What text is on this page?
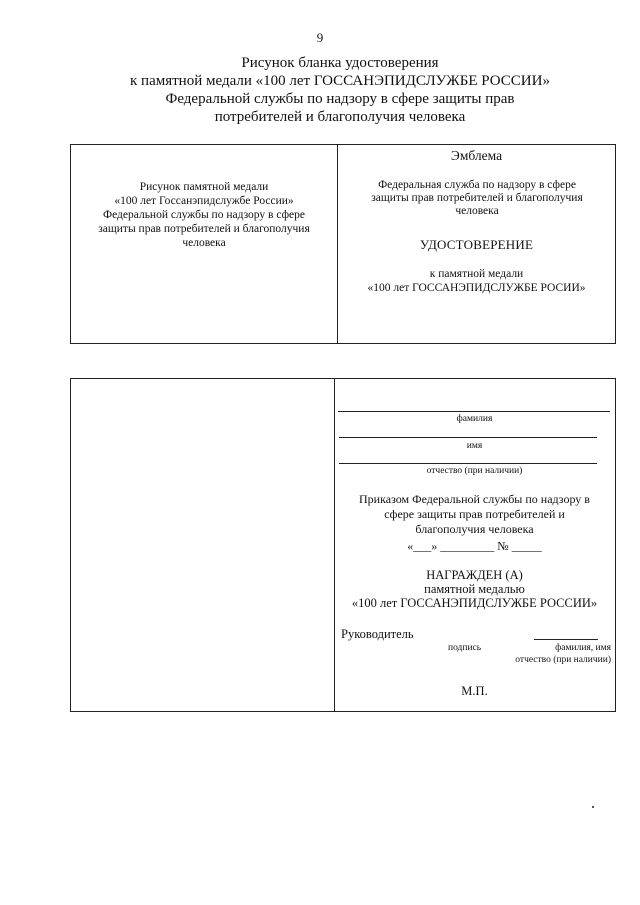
9
Рисунок бланка удостоверения
к памятной медали «100 лет ГОССАНЭПИДСЛУЖБЕ РОССИИ»
Федеральной службы по надзору в сфере защиты прав
потребителей и благополучия человека
Рисунок памятной медали
«100 лет Госсанэпидслужбе России»
Федеральной службы по надзору в сфере
защиты прав потребителей и благополучия
человека
Эмблема
Федеральная служба по надзору в сфере
защиты прав потребителей и благополучия
человека
УДОСТОВЕРЕНИЕ
к памятной медали
«100 лет ГОССАНЭПИДСЛУЖБЕ РОСИИ»
фамилия
имя
отчество (при наличии)
Приказом Федеральной службы по надзору в
сфере защиты прав потребителей и
благополучия человека
«___» _________ № _____
НАГРАЖДЕН (А)
памятной медалью
«100 лет ГОССАНЭПИДСЛУЖБЕ РОССИИ»
Руководитель
подпись	фамилия, имя
отчество (при наличии)
М.П.
